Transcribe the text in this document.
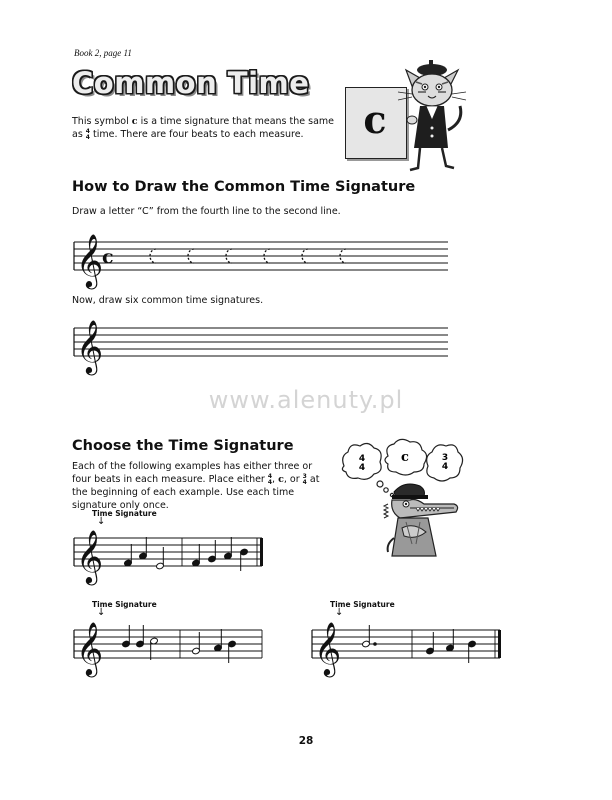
Book 2, page 11
Common Time
This symbol c is a time signature that means the same as 4
4 time. There are four beats to each measure.	c
How to Draw the Common Time Signature
Draw a letter “C” from the fourth line to the second line.
𝄞
c
Now, draw six common time signatures.
𝄞
www.alenuty.pl
Choose the Time Signature
Each of the following examples has either three or four beats in each measure. Place either 4
4, c, or 3
4 at the beginning of each example. Use each time signature only once.
4
4
c	3
4
Time Signature
↓
𝄞
Time Signature
↓
𝄞
Time Signature
↓
𝄞
28
